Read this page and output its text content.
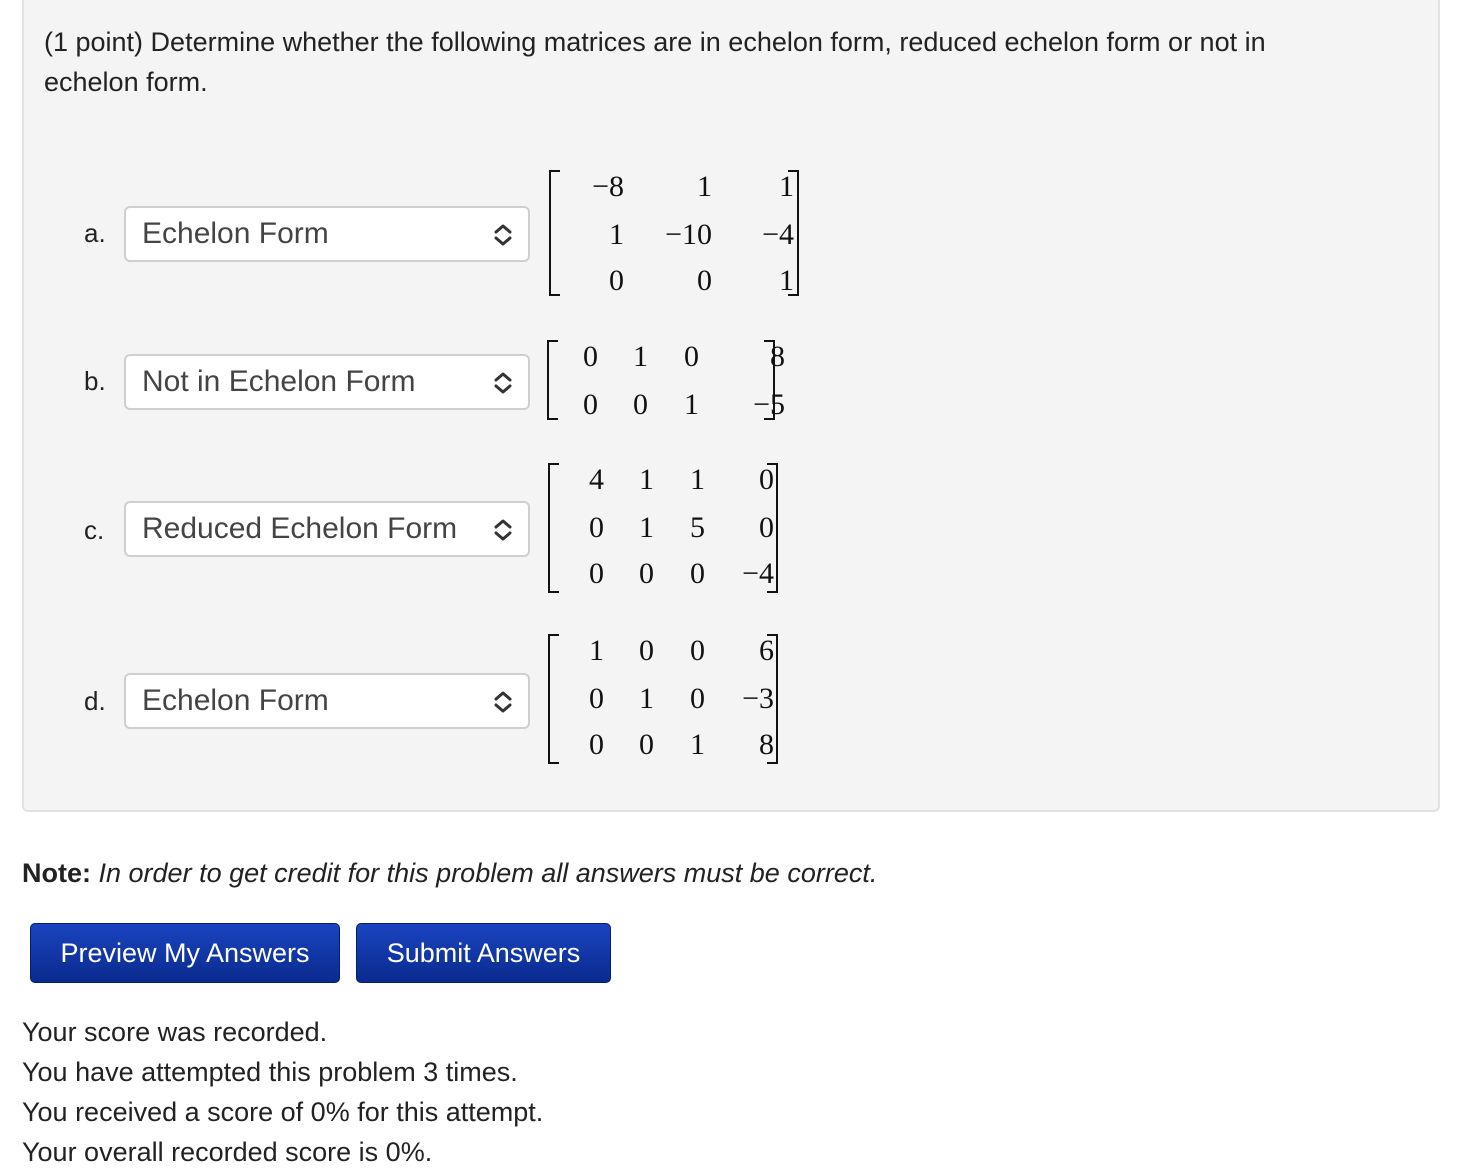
(1 point) Determine whether the following matrices are in echelon form, reduced echelon form or not in echelon form.
a.	Echelon Form
−8 1 1
1 −10 −4
0 0 1
b.	Not in Echelon Form
0 1 0 8
0 0 1 −5
c.	Reduced Echelon Form
4 1 1 0
0 1 5 0
0 0 0 −4
d.	Echelon Form
1 0 0 6
0 1 0 −3
0 0 1 8
Note: In order to get credit for this problem all answers must be correct.
Preview My Answers	Submit Answers
Your score was recorded.
You have attempted this problem 3 times.
You received a score of 0% for this attempt.
Your overall recorded score is 0%.
